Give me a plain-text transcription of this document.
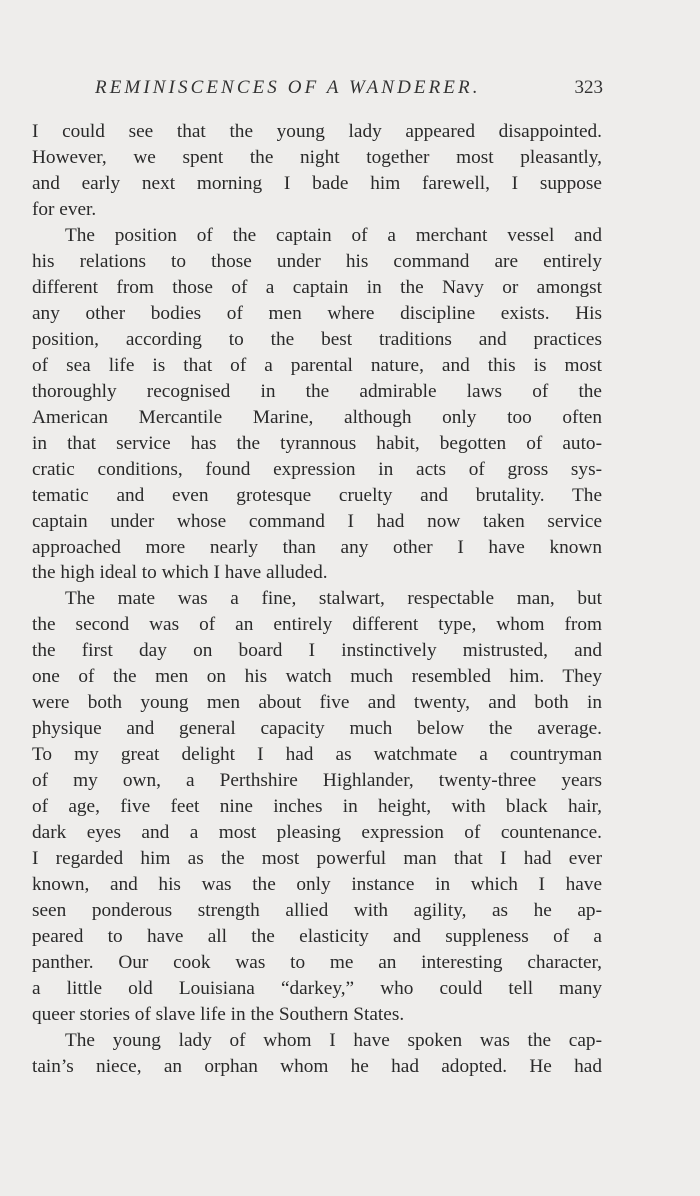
REMINISCENCES OF A WANDERER.	323
I could see that the young lady appeared disappointed.
However, we spent the night together most pleasantly,
and early next morning I bade him farewell, I suppose
for ever.
The position of the captain of a merchant vessel and
his relations to those under his command are entirely
different from those of a captain in the Navy or amongst
any other bodies of men where discipline exists. His
position, according to the best traditions and practices
of sea life is that of a parental nature, and this is most
thoroughly recognised in the admirable laws of the
American Mercantile Marine, although only too often
in that service has the tyrannous habit, begotten of auto-
cratic conditions, found expression in acts of gross sys-
tematic and even grotesque cruelty and brutality. The
captain under whose command I had now taken service
approached more nearly than any other I have known
the high ideal to which I have alluded.
The mate was a fine, stalwart, respectable man, but
the second was of an entirely different type, whom from
the first day on board I instinctively mistrusted, and
one of the men on his watch much resembled him. They
were both young men about five and twenty, and both in
physique and general capacity much below the average.
To my great delight I had as watchmate a countryman
of my own, a Perthshire Highlander, twenty-three years
of age, five feet nine inches in height, with black hair,
dark eyes and a most pleasing expression of countenance.
I regarded him as the most powerful man that I had ever
known, and his was the only instance in which I have
seen ponderous strength allied with agility, as he ap-
peared to have all the elasticity and suppleness of a
panther. Our cook was to me an interesting character,
a little old Louisiana “darkey,” who could tell many
queer stories of slave life in the Southern States.
The young lady of whom I have spoken was the cap-
tain’s niece, an orphan whom he had adopted. He had
